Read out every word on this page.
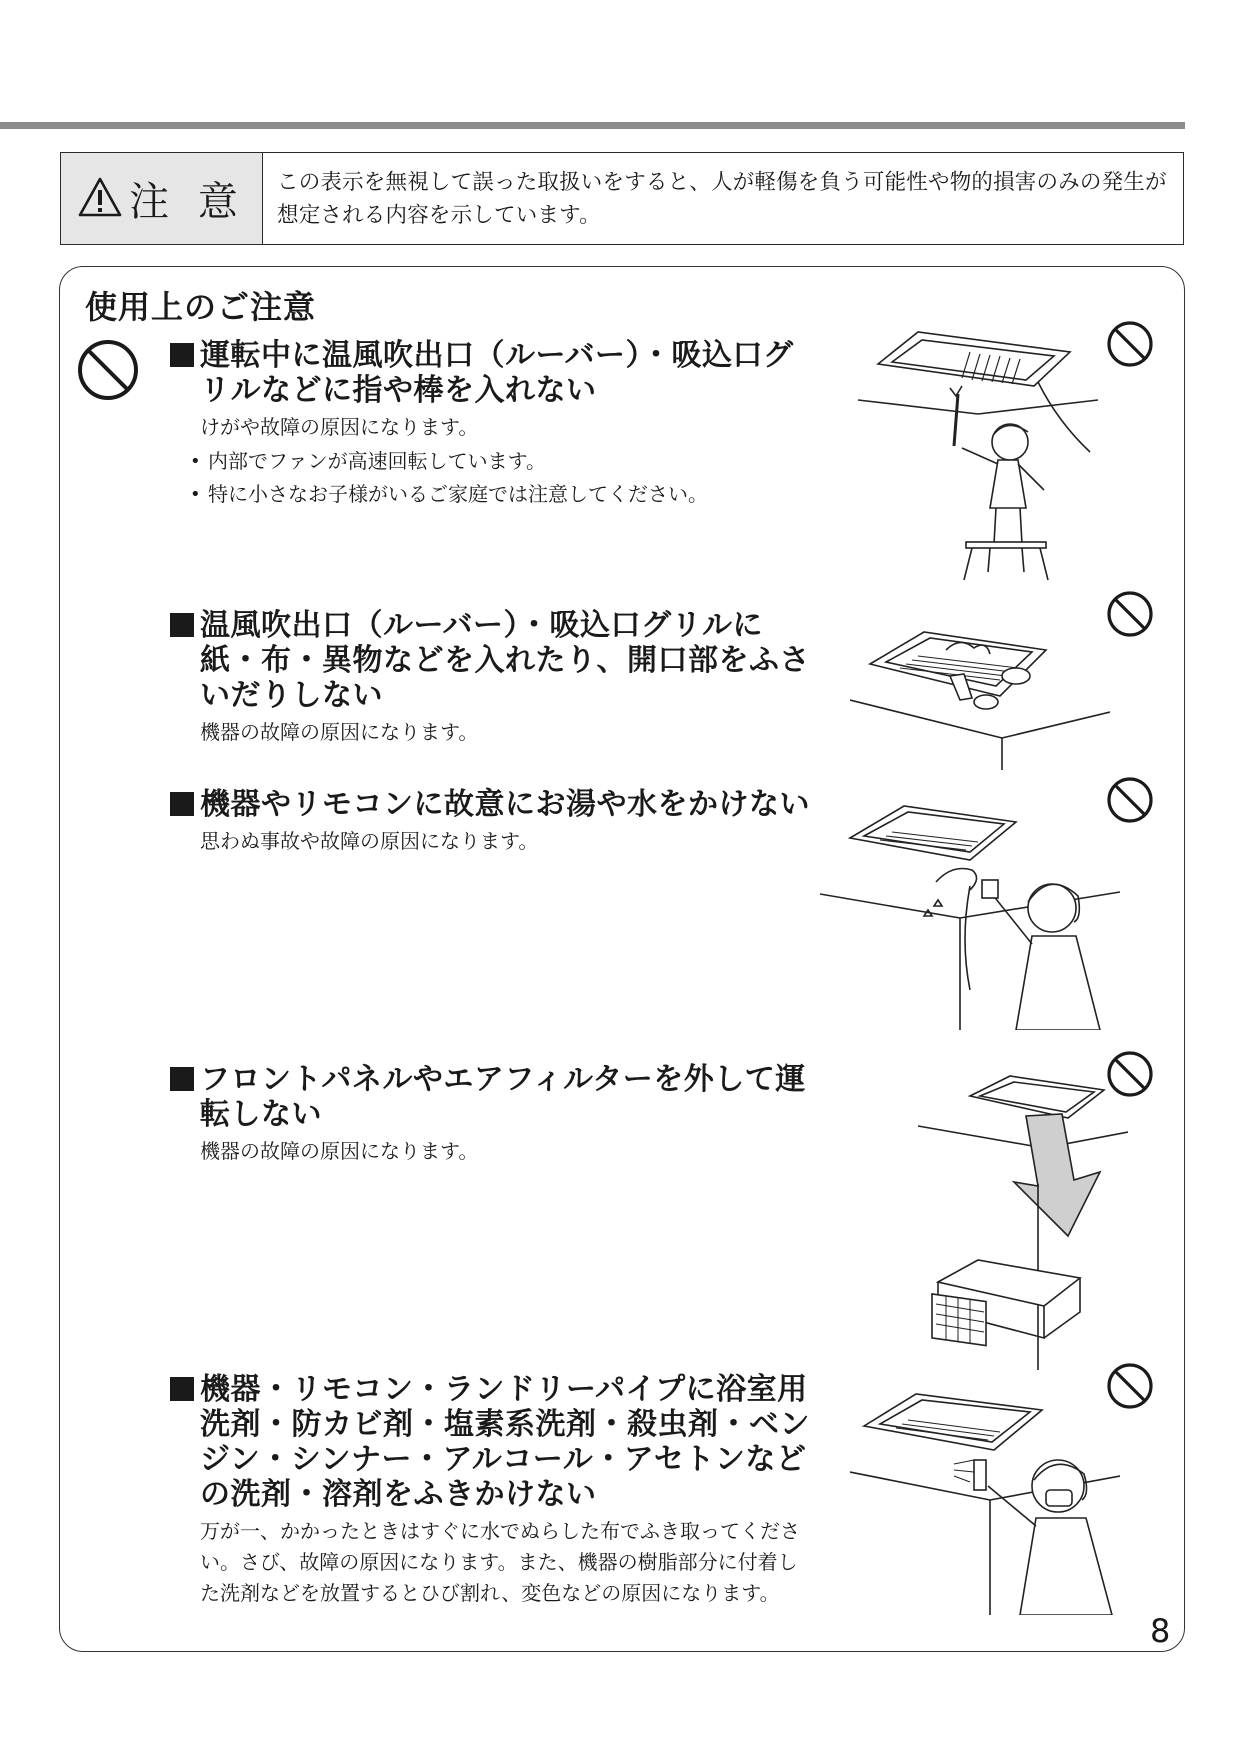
注 意	この表示を無視して誤った取扱いをすると、人が軽傷を負う可能性や物的損害のみの発生が想定される内容を示しています。
使用上のご注意

運転中に温風吹出口（ルーバー）・吸込口グリルなどに指や棒を入れない

けがや故障の原因になります。
• 内部でファンが高速回転しています。
• 特に小さなお子様がいるご家庭では注意してください。

温風吹出口（ルーバー）・吸込口グリルに紙・布・異物などを入れたり、開口部をふさいだりしない

機器の故障の原因になります。

機器やリモコンに故意にお湯や水をかけない

思わぬ事故や故障の原因になります。

フロントパネルやエアフィルターを外して運転しない

機器の故障の原因になります。

機器・リモコン・ランドリーパイプに浴室用洗剤・防カビ剤・塩素系洗剤・殺虫剤・ベンジン・シンナー・アルコール・アセトンなどの洗剤・溶剤をふきかけない

万が一、かかったときはすぐに水でぬらした布でふき取ってください。さび、故障の原因になります。また、機器の樹脂部分に付着した洗剤などを放置するとひび割れ、変色などの原因になります。
8
